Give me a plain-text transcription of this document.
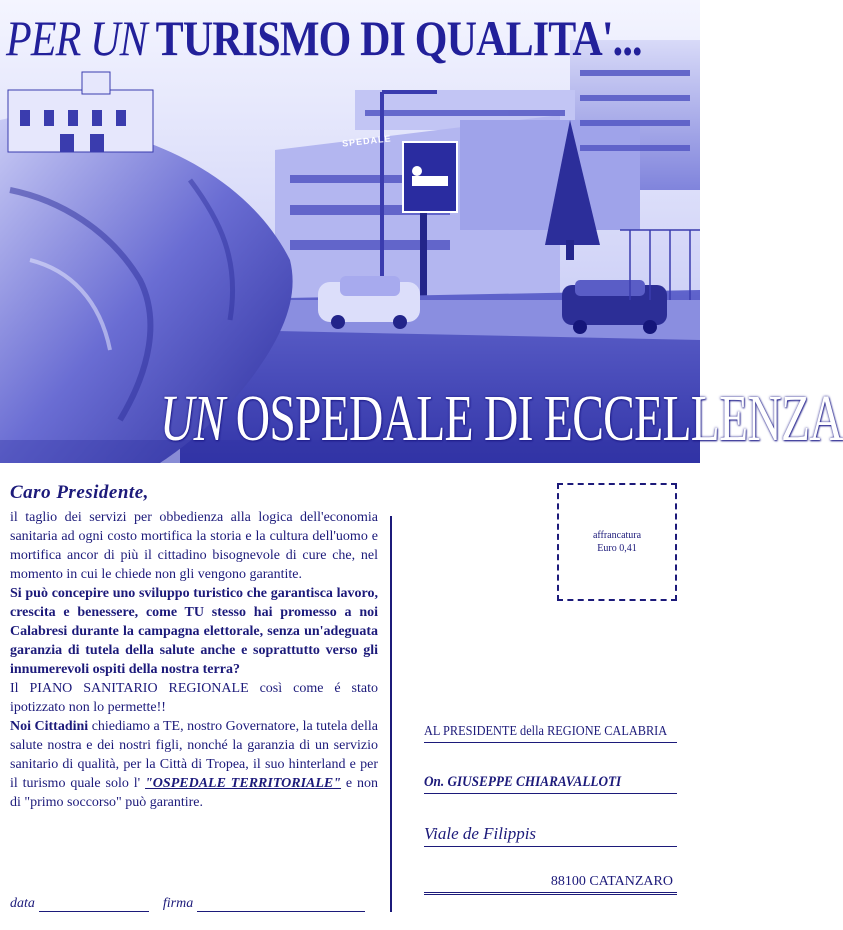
SPEDALE
PER UN TURISMO DI QUALITA'...
UN OSPEDALE DI ECCELLENZA
Caro Presidente,
il taglio dei servizi per obbedienza alla logica dell'economia sanitaria ad ogni costo mortifica la storia e la cultura dell'uomo e mortifica ancor di più il cittadino bisognevole di cure che, nel momento in cui le chiede non gli vengono garantite.
Si può concepire uno sviluppo turistico che garantisca lavoro, crescita e benessere, come TU stesso hai promesso a noi Calabresi durante la campagna elettorale, senza un'adeguata garanzia di tutela della salute anche e soprattutto verso gli innumerevoli ospiti della nostra terra?
Il PIANO SANITARIO REGIONALE così come é stato ipotizzato non lo permette!!
Noi Cittadini chiediamo a TE, nostro Governatore, la tutela della salute nostra e dei nostri figli, nonché la garanzia di un servizio sanitario di qualità, per la Città di Tropea, il suo hinterland e per il turismo quale solo l' "OSPEDALE TERRITORIALE" e non di "primo soccorso" può garantire.
data	firma
affrancatura
Euro 0,41
AL PRESIDENTE della REGIONE CALABRIA
On. GIUSEPPE CHIARAVALLOTI
Viale de Filippis
88100 CATANZARO
